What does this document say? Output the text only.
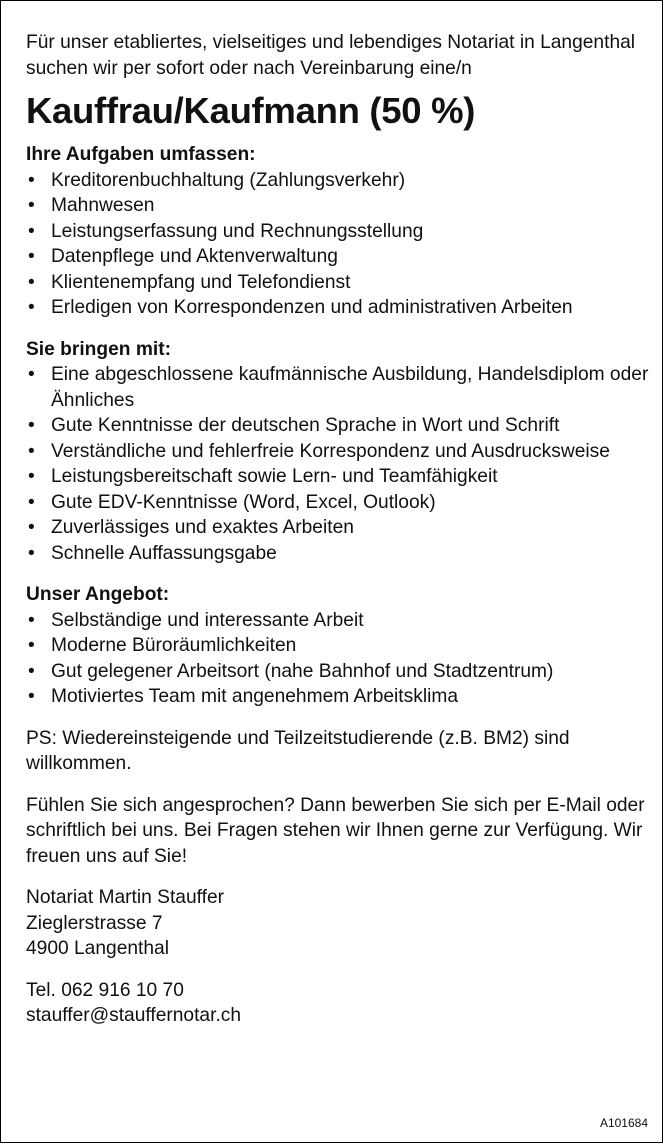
Für unser etabliertes, vielseitiges und lebendiges Notariat in Langenthal suchen wir per sofort oder nach Vereinbarung eine/n

Kauffrau/Kaufmann (50 %)

Ihre Aufgaben umfassen:

• Kreditorenbuchhaltung (Zahlungsverkehr)
• Mahnwesen
• Leistungserfassung und Rechnungsstellung
• Datenpflege und Aktenverwaltung
• Klientenempfang und Telefondienst
• Erledigen von Korrespondenzen und administrativen Arbeiten

Sie bringen mit:

• Eine abgeschlossene kaufmännische Ausbildung, Handelsdiplom oder Ähnliches
• Gute Kenntnisse der deutschen Sprache in Wort und Schrift
• Verständliche und fehlerfreie Korrespondenz und Ausdrucksweise
• Leistungsbereitschaft sowie Lern- und Teamfähigkeit
• Gute EDV-Kenntnisse (Word, Excel, Outlook)
• Zuverlässiges und exaktes Arbeiten
• Schnelle Auffassungsgabe

Unser Angebot:

• Selbständige und interessante Arbeit
• Moderne Büroräumlichkeiten
• Gut gelegener Arbeitsort (nahe Bahnhof und Stadtzentrum)
• Motiviertes Team mit angenehmem Arbeitsklima

PS: Wiedereinsteigende und Teilzeitstudierende (z.B. BM2) sind willkommen.

Fühlen Sie sich angesprochen? Dann bewerben Sie sich per E-Mail oder schriftlich bei uns. Bei Fragen stehen wir Ihnen gerne zur Verfügung. Wir freuen uns auf Sie!

Notariat Martin Stauffer

Zieglerstrasse 7

4900 Langenthal

Tel. 062 916 10 70

stauffer@stauffernotar.ch

A101684
